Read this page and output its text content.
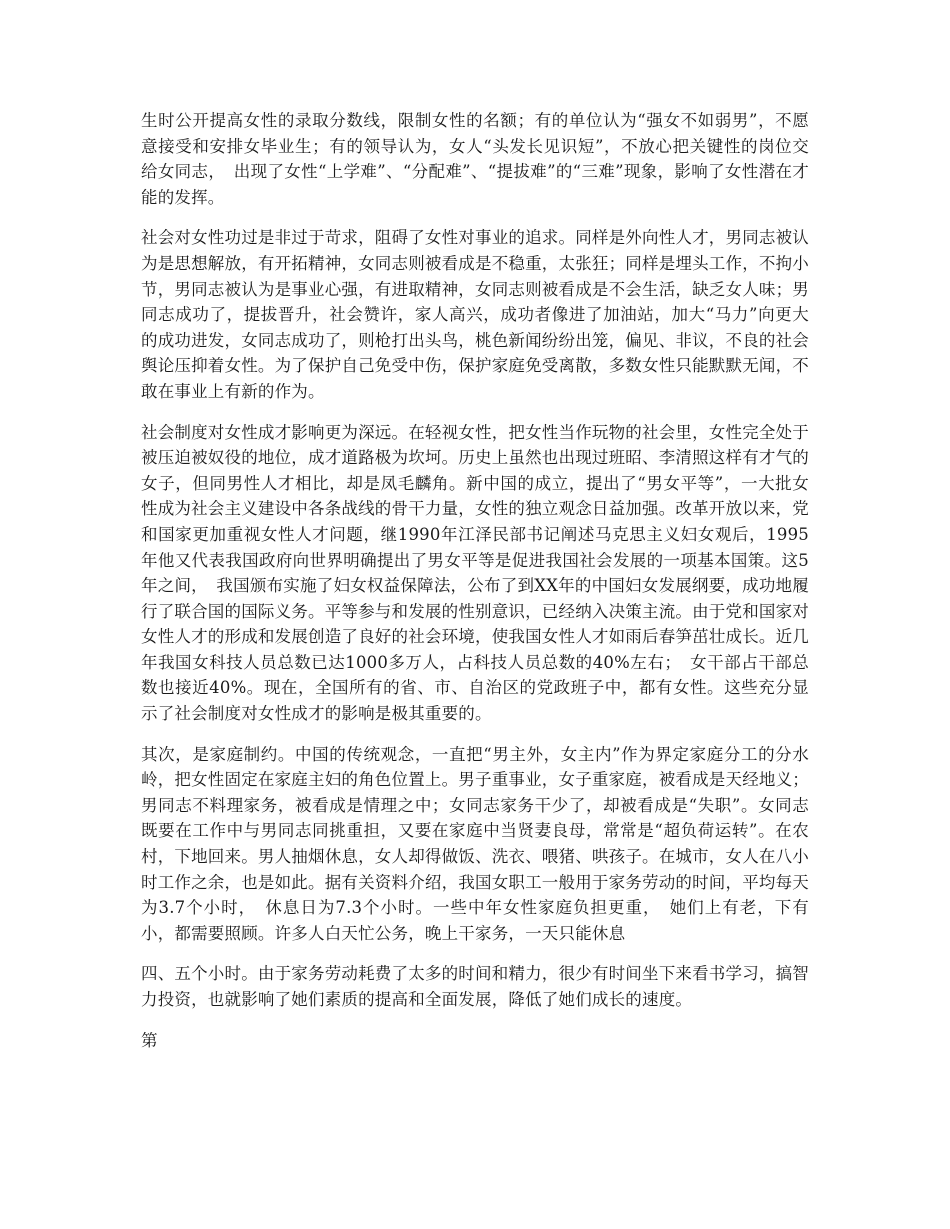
生时公开提高女性的录取分数线，限制女性的名额；有的单位认为“强女不如弱男”，不愿意接受和安排女毕业生；有的领导认为，女人“头发长见识短”，不放心把关键性的岗位交给女同志，　出现了女性“上学难”、“分配难”、“提拔难”的“三难”现象，影响了女性潜在才能的发挥。

社会对女性功过是非过于苛求，阻碍了女性对事业的追求。同样是外向性人才，男同志被认为是思想解放，有开拓精神，女同志则被看成是不稳重，太张狂；同样是埋头工作，不拘小节，男同志被认为是事业心强，有进取精神，女同志则被看成是不会生活，缺乏女人味；男同志成功了，提拔晋升，社会赞许，家人高兴，成功者像进了加油站，加大“马力”向更大的成功进发，女同志成功了，则枪打出头鸟，桃色新闻纷纷出笼，偏见、非议，不良的社会舆论压抑着女性。为了保护自己免受中伤，保护家庭免受离散，多数女性只能默默无闻，不敢在事业上有新的作为。

社会制度对女性成才影响更为深远。在轻视女性，把女性当作玩物的社会里，女性完全处于被压迫被奴役的地位，成才道路极为坎坷。历史上虽然也出现过班昭、李清照这样有才气的女子，但同男性人才相比，却是凤毛麟角。新中国的成立，提出了“男女平等”，一大批女性成为社会主义建设中各条战线的骨干力量，女性的独立观念日益加强。改革开放以来，党和国家更加重视女性人才问题，继1990年江泽民部书记阐述马克思主义妇女观后，1995年他又代表我国政府向世界明确提出了男女平等是促进我国社会发展的一项基本国策。这5年之间，　我国颁布实施了妇女权益保障法，公布了到XX年的中国妇女发展纲要，成功地履行了联合国的国际义务。平等参与和发展的性别意识，已经纳入决策主流。由于党和国家对女性人才的形成和发展创造了良好的社会环境，使我国女性人才如雨后春笋茁壮成长。近几年我国女科技人员总数已达1000多万人，占科技人员总数的40%左右；　女干部占干部总数也接近40%。现在，全国所有的省、市、自治区的党政班子中，都有女性。这些充分显示了社会制度对女性成才的影响是极其重要的。

其次，是家庭制约。中国的传统观念，一直把“男主外，女主内”作为界定家庭分工的分水岭，把女性固定在家庭主妇的角色位置上。男子重事业，女子重家庭，被看成是天经地义；男同志不料理家务，被看成是情理之中；女同志家务干少了，却被看成是“失职”。女同志既要在工作中与男同志同挑重担，又要在家庭中当贤妻良母，常常是“超负荷运转”。在农村，下地回来。男人抽烟休息，女人却得做饭、洗衣、喂猪、哄孩子。在城市，女人在八小时工作之余，也是如此。据有关资料介绍，我国女职工一般用于家务劳动的时间，平均每天为3.7个小时，　休息日为7.3个小时。一些中年女性家庭负担更重，　她们上有老，下有小，都需要照顾。许多人白天忙公务，晚上干家务，一天只能休息

四、五个小时。由于家务劳动耗费了太多的时间和精力，很少有时间坐下来看书学习，搞智力投资，也就影响了她们素质的提高和全面发展，降低了她们成长的速度。

第
